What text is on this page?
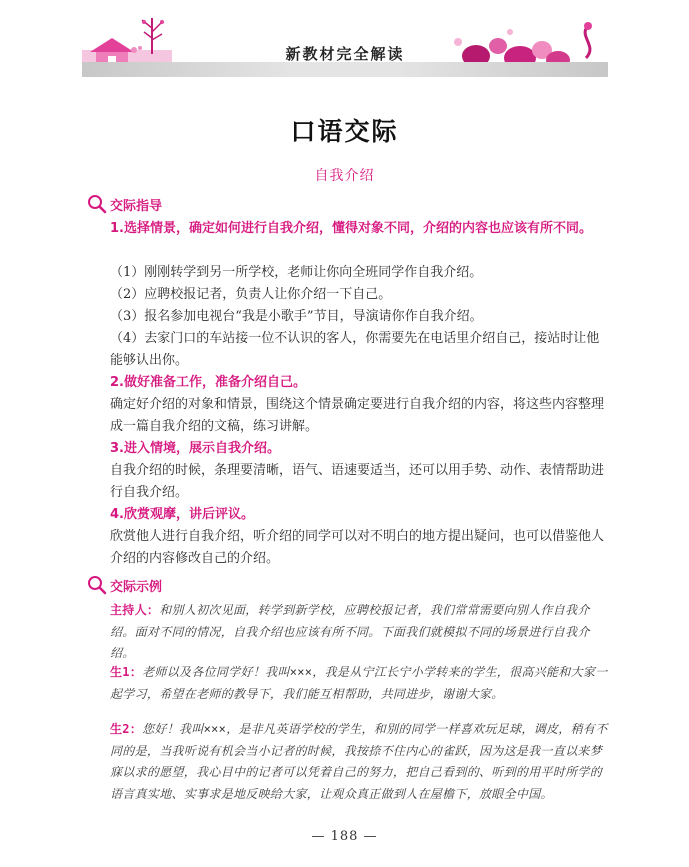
新教材完全解读
口语交际
自我介绍
交际指导
1.选择情景，确定如何进行自我介绍，懂得对象不同，介绍的内容也应该有所不同。
（1）刚刚转学到另一所学校，老师让你向全班同学作自我介绍。
（2）应聘校报记者，负责人让你介绍一下自己。
（3）报名参加电视台“我是小歌手”节目，导演请你作自我介绍。
（4）去家门口的车站接一位不认识的客人，你需要先在电话里介绍自己，接站时让他能够认出你。
2.做好准备工作，准备介绍自己。
确定好介绍的对象和情景，围绕这个情景确定要进行自我介绍的内容，将这些内容整理成一篇自我介绍的文稿，练习讲解。
3.进入情境，展示自我介绍。
自我介绍的时候，条理要清晰，语气、语速要适当，还可以用手势、动作、表情帮助进行自我介绍。
4.欣赏观摩，讲后评议。
欣赏他人进行自我介绍，听介绍的同学可以对不明白的地方提出疑问，也可以借鉴他人介绍的内容修改自己的介绍。
交际示例
主持人：和别人初次见面，转学到新学校，应聘校报记者，我们常常需要向别人作自我介绍。面对不同的情况，自我介绍也应该有所不同。下面我们就模拟不同的场景进行自我介绍。
生1：老师以及各位同学好！我叫×××，我是从宁江长宁小学转来的学生，很高兴能和大家一起学习，希望在老师的教导下，我们能互相帮助，共同进步，谢谢大家。
生2：您好！我叫×××，是非凡英语学校的学生，和别的同学一样喜欢玩足球，调皮，稍有不同的是，当我听说有机会当小记者的时候，我按捺不住内心的雀跃，因为这是我一直以来梦寐以求的愿望，我心目中的记者可以凭着自己的努力，把自己看到的、听到的用平时所学的语言真实地、实事求是地反映给大家，让观众真正做到人在屋檐下，放眼全中国。
— 188 —
